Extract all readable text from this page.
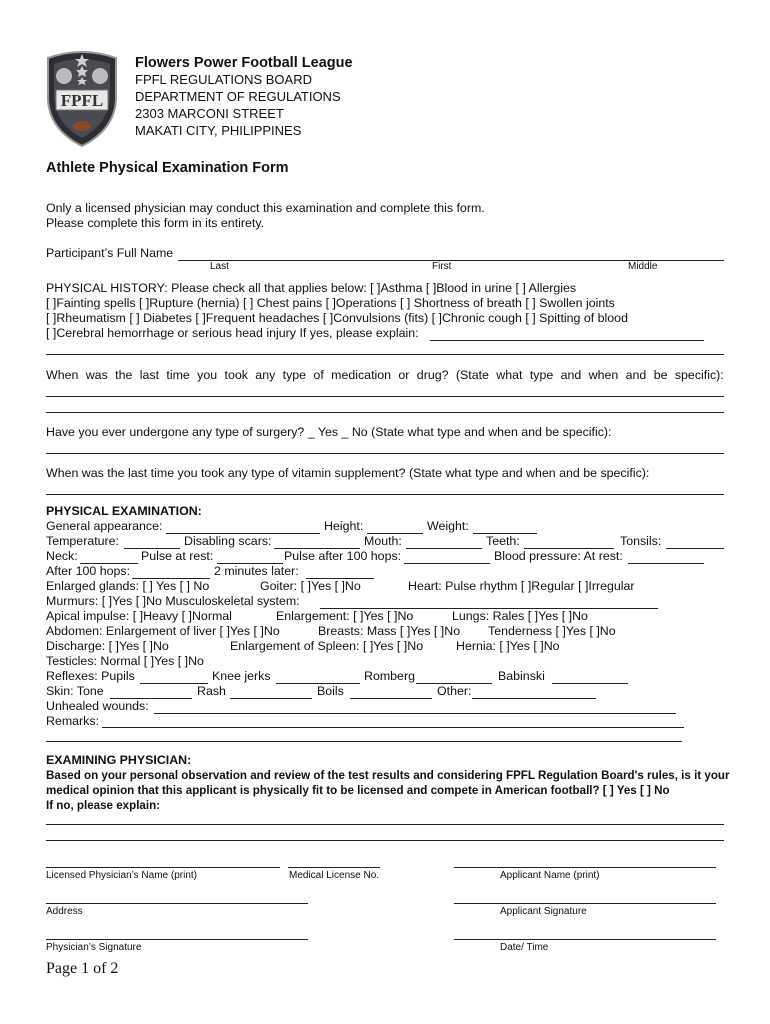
FPFL
Flowers Power Football League
FPFL REGULATIONS BOARD
DEPARTMENT OF REGULATIONS
2303 MARCONI STREET
MAKATI CITY, PHILIPPINES
Athlete Physical Examination Form
Only a licensed physician may conduct this examination and complete this form.
Please complete this form in its entirety.
Participant’s Full Name
Last	First	Middle
PHYSICAL HISTORY: Please check all that applies below: [ ]Asthma [ ]Blood in urine [ ] Allergies
[ ]Fainting spells [ ]Rupture (hernia) [ ] Chest pains [ ]Operations [ ] Shortness of breath [ ] Swollen joints
[ ]Rheumatism [ ] Diabetes [ ]Frequent headaches [ ]Convulsions (fits) [ ]Chronic cough [ ] Spitting of blood
[ ]Cerebral hemorrhage or serious head injury If yes, please explain:
When was the last time you took any type of medication or drug? (State what type and when and be specific):
Have you ever undergone any type of surgery? _ Yes _ No (State what type and when and be specific):
When was the last time you took any type of vitamin supplement? (State what type and when and be specific):
PHYSICAL EXAMINATION:
General appearance:	Height:	Weight:
Temperature:	Disabling scars:	Mouth:	Teeth:	Tonsils:
Neck:	Pulse at rest:	Pulse after 100 hops:	Blood pressure: At rest:
After 100 hops:	2 minutes later:
Enlarged glands: [ ] Yes [ ] No	Goiter: [ ]Yes [ ]No	Heart: Pulse rhythm [ ]Regular [ ]Irregular
Murmurs: [ ]Yes [ ]No Musculoskeletal system:
Apical impulse: [ ]Heavy [ ]Normal	Enlargement: [ ]Yes [ ]No	Lungs: Rales [ ]Yes [ ]No
Abdomen: Enlargement of liver [ ]Yes [ ]No	Breasts: Mass [ ]Yes [ ]No Tenderness [ ]Yes [ ]No
Discharge: [ ]Yes [ ]No	Enlargement of Spleen: [ ]Yes [ ]No	Hernia: [ ]Yes [ ]No
Testicles: Normal [ ]Yes [ ]No
Reflexes: Pupils	Knee jerks	Romberg	Babinski
Skin: Tone	Rash	Boils	Other:
Unhealed wounds:
Remarks:
EXAMINING PHYSICIAN:
Based on your personal observation and review of the test results and considering FPFL Regulation Board's rules, is it your
medical opinion that this applicant is physically fit to be licensed and compete in American football? [ ] Yes [ ] No
If no, please explain:
Licensed Physician’s Name (print)	Medical License No.	Applicant Name (print)
Address	Applicant Signature
Physician’s Signature	Date/ Time
Page 1 of 2
